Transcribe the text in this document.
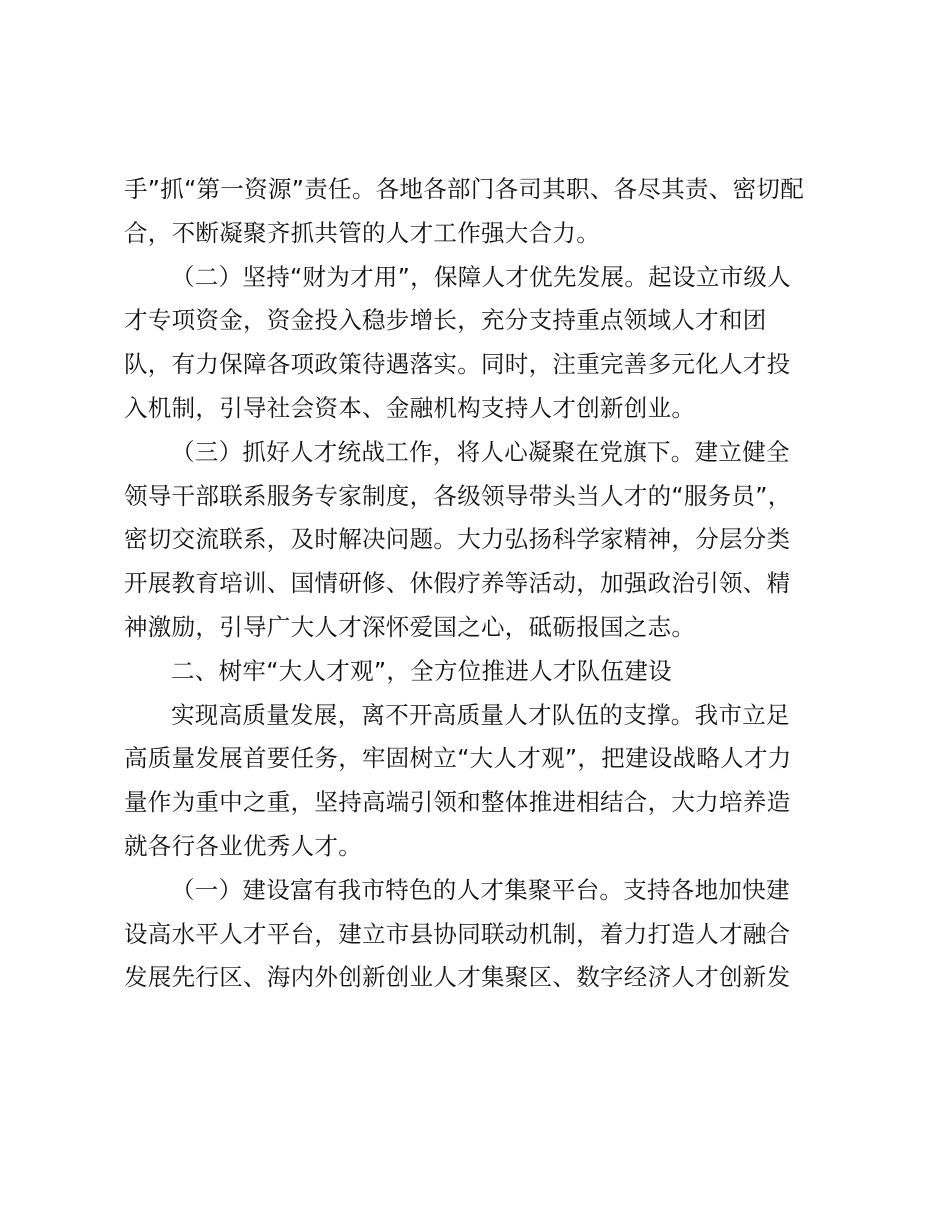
手”抓“第一资源”责任。各地各部门各司其职、各尽其责、密切配
合，不断凝聚齐抓共管的人才工作强大合力。
（二）坚持“财为才用”，保障人才优先发展。起设立市级人
才专项资金，资金投入稳步增长，充分支持重点领域人才和团
队，有力保障各项政策待遇落实。同时，注重完善多元化人才投
入机制，引导社会资本、金融机构支持人才创新创业。
（三）抓好人才统战工作，将人心凝聚在党旗下。建立健全
领导干部联系服务专家制度，各级领导带头当人才的“服务员”，
密切交流联系，及时解决问题。大力弘扬科学家精神，分层分类
开展教育培训、国情研修、休假疗养等活动，加强政治引领、精
神激励，引导广大人才深怀爱国之心，砥砺报国之志。
二、树牢“大人才观”，全方位推进人才队伍建设
实现高质量发展，离不开高质量人才队伍的支撑。我市立足
高质量发展首要任务，牢固树立“大人才观”，把建设战略人才力
量作为重中之重，坚持高端引领和整体推进相结合，大力培养造
就各行各业优秀人才。
（一）建设富有我市特色的人才集聚平台。支持各地加快建
设高水平人才平台，建立市县协同联动机制，着力打造人才融合
发展先行区、海内外创新创业人才集聚区、数字经济人才创新发
